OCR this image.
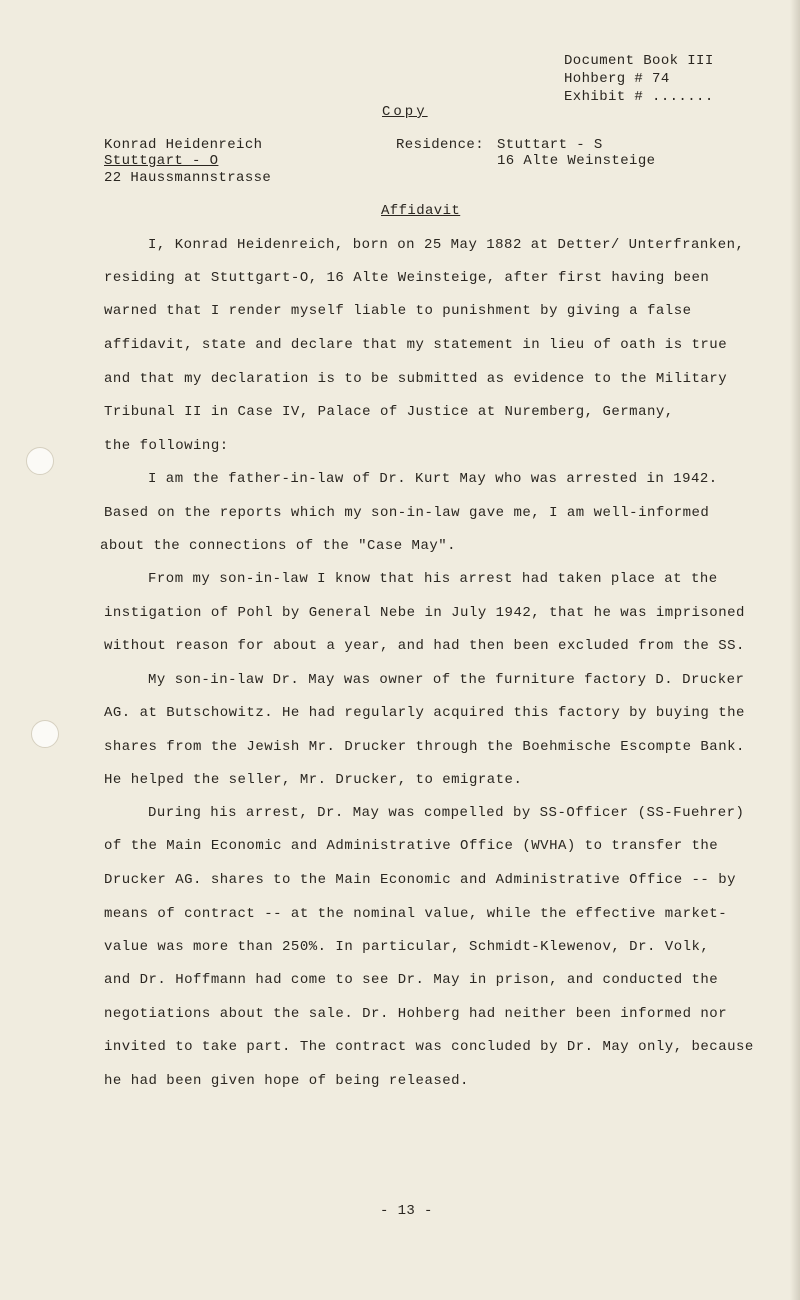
Document Book III
Hohberg # 74
Exhibit # .......
Copy
Konrad Heidenreich
Stuttgart - O
22 Haussmannstrasse
Residence: Stuttart - S
16 Alte Weinsteige
Affidavit
I, Konrad Heidenreich, born on 25 May 1882 at Detter/ Unterfranken,
residing at Stuttgart-O, 16 Alte Weinsteige, after first having been
warned that I render myself liable to punishment by giving a false
affidavit, state and declare that my statement in lieu of oath is true
and that my declaration is to be submitted as evidence to the Military
Tribunal II in Case IV, Palace of Justice at Nuremberg, Germany,
the following:
I am the father-in-law of Dr. Kurt May who was arrested in 1942.
Based on the reports which my son-in-law gave me, I am well-informed
about the connections of the "Case May".
From my son-in-law I know that his arrest had taken place at the
instigation of Pohl by General Nebe in July 1942, that he was imprisoned
without reason for about a year, and had then been excluded from the SS.
My son-in-law Dr. May was owner of the furniture factory D. Drucker
AG. at Butschowitz. He had regularly acquired this factory by buying the
shares from the Jewish Mr. Drucker through the Boehmische Escompte Bank.
He helped the seller, Mr. Drucker, to emigrate.
During his arrest, Dr. May was compelled by SS-Officer (SS-Fuehrer)
of the Main Economic and Administrative Office (WVHA) to transfer the
Drucker AG. shares to the Main Economic and Administrative Office -- by
means of contract -- at the nominal value, while the effective market-
value was more than 250%. In particular, Schmidt-Klewenov, Dr. Volk,
and Dr. Hoffmann had come to see Dr. May in prison, and conducted the
negotiations about the sale. Dr. Hohberg had neither been informed nor
invited to take part. The contract was concluded by Dr. May only, because
he had been given hope of being released.
- 13 -
